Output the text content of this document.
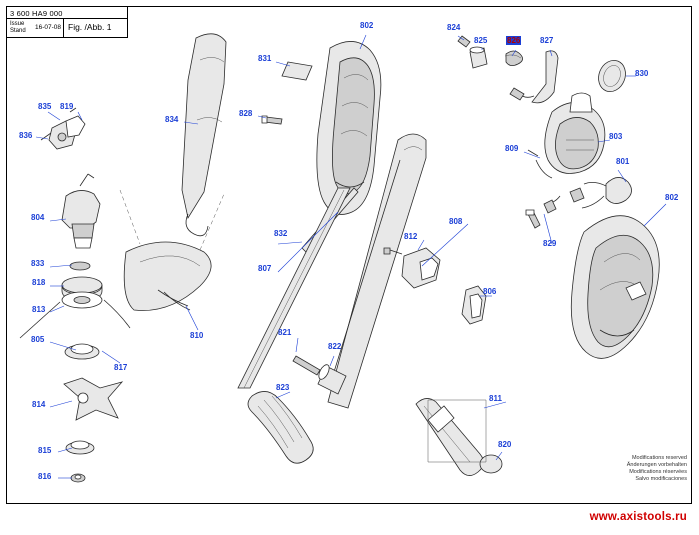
3 600 HA9 000
Issue
Stand 16-07-08 Fig. /Abb. 1
801
802
802
803
804
805
806
807
808
809
810
811
812
813
814
815
816
817
818
819
820
821
822
823
824
825 826 827
828
829
830
831
832
833
834
835
836
Modifications reserved
Änderungen vorbehalten
Modifications réservées
Salvo modificaciones
www.axistools.ru
